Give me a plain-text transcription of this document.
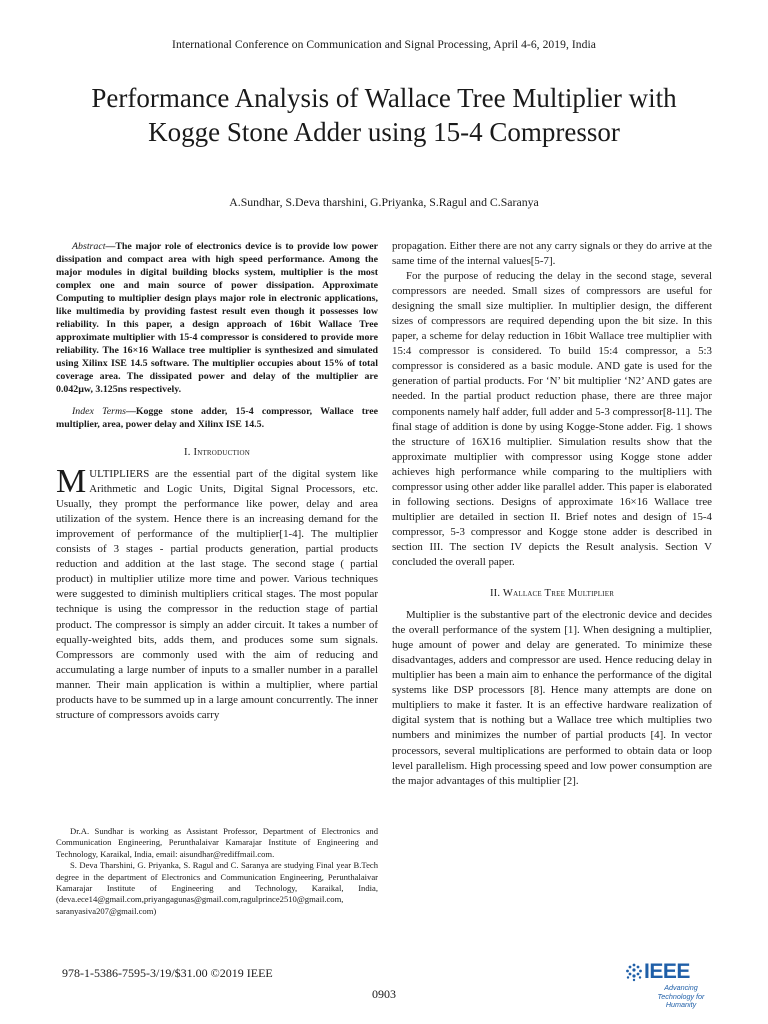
International Conference on Communication and Signal Processing, April 4-6, 2019, India
Performance Analysis of Wallace Tree Multiplier with Kogge Stone Adder using 15-4 Compressor
A.Sundhar, S.Deva tharshini, G.Priyanka, S.Ragul and C.Saranya

Abstract—The major role of electronics device is to provide low power dissipation and compact area with high speed performance. Among the major modules in digital building blocks system, multiplier is the most complex one and main source of power dissipation. Approximate Computing to multiplier design plays major role in electronic applications, like multimedia by providing fastest result even though it possesses low reliability. In this paper, a design approach of 16bit Wallace Tree approximate multiplier with 15-4 compressor is considered to provide more reliability. The 16×16 Wallace tree multiplier is synthesized and simulated using Xilinx ISE 14.5 software. The multiplier occupies about 15% of total coverage area. The dissipated power and delay of the multiplier are 0.042µw, 3.125ns respectively.

Index Terms—Kogge stone adder, 15-4 compressor, Wallace tree multiplier, area, power delay and Xilinx ISE 14.5.

I. Introduction

MULTIPLIERS are the essential part of the digital system like Arithmetic and Logic Units, Digital Signal Processors, etc. Usually, they prompt the performance like power, delay and area utilization of the system. Hence there is an increasing demand for the improvement of performance of the multiplier[1-4]. The multiplier consists of 3 stages - partial products generation, partial products reduction and addition at the last stage. The second stage ( partial product) in multiplier utilize more time and power. Various techniques were suggested to diminish multipliers critical stages. The most popular technique is using the compressor in the reduction stage of partial product. The compressor is simply an adder circuit. It takes a number of equally-weighted bits, adds them, and produces some sum signals. Compressors are commonly used with the aim of reducing and accumulating a large number of inputs to a smaller number in a parallel manner. Their main application is within a multiplier, where partial products have to be summed up in a large amount concurrently. The inner structure of compressors avoids carry

propagation. Either there are not any carry signals or they do arrive at the same time of the internal values[5-7].

For the purpose of reducing the delay in the second stage, several compressors are needed. Small sizes of compressors are useful for designing the small size multiplier. In multiplier design, the different sizes of compressors are required depending upon the bit size. In this paper, a scheme for delay reduction in 16bit Wallace tree multiplier with 15:4 compressor is considered. To build 15:4 compressor, a 5:3 compressor is considered as a basic module. AND gate is used for the generation of partial products. For ‘N’ bit multiplier ‘N2’ AND gates are needed. In the partial product reduction phase, there are three major components namely half adder, full adder and 5-3 compressor[8-11]. The final stage of addition is done by using Kogge-Stone adder. Fig. 1 shows the structure of 16X16 multiplier. Simulation results show that the approximate multiplier with compressor using Kogge stone adder achieves high performance while comparing to the multipliers with compressor using other adder like parallel adder. This paper is elaborated in following sections. Designs of approximate 16×16 Wallace tree multiplier are detailed in section II. Brief notes and design of 15-4 compressor, 5-3 compressor and Kogge stone adder is described in section III. The section IV depicts the Result analysis. Section V concluded the overall paper.

II. Wallace Tree Multiplier

Multiplier is the substantive part of the electronic device and decides the overall performance of the system [1]. When designing a multiplier, huge amount of power and delay are generated. To minimize these disadvantages, adders and compressor are used. Hence reducing delay in multiplier has been a main aim to enhance the performance of the digital systems like DSP processors [8]. Hence many attempts are done on multipliers to make it faster. It is an effective hardware realization of digital system that is nothing but a Wallace tree which multiplies two numbers and minimizes the number of partial products [4]. In vector processors, several multiplications are performed to obtain data or loop level parallelism. High processing speed and low power consumption are the major advantages of this multiplier [2].

Dr.A. Sundhar is working as Assistant Professor, Department of Electronics and Communication Engineering, Perunthalaivar Kamarajar Institute of Engineering and Technology, Karaikal, India, email: aisundhar@rediffmail.com.

S. Deva Tharshini, G. Priyanka, S. Ragul and C. Saranya are studying Final year B.Tech degree in the department of Electronics and Communication Engineering, Perunthalaivar Kamarajar Institute of Engineering and Technology, Karaikal, India, (deva.ece14@gmail.com,priyangagunas@gmail.com,ragulprince2510@gmail.com, saranyasiva207@gmail.com)

978-1-5386-7595-3/19/$31.00 ©2019 IEEE
0903
IEEE
Advancing Technology for Humanity
